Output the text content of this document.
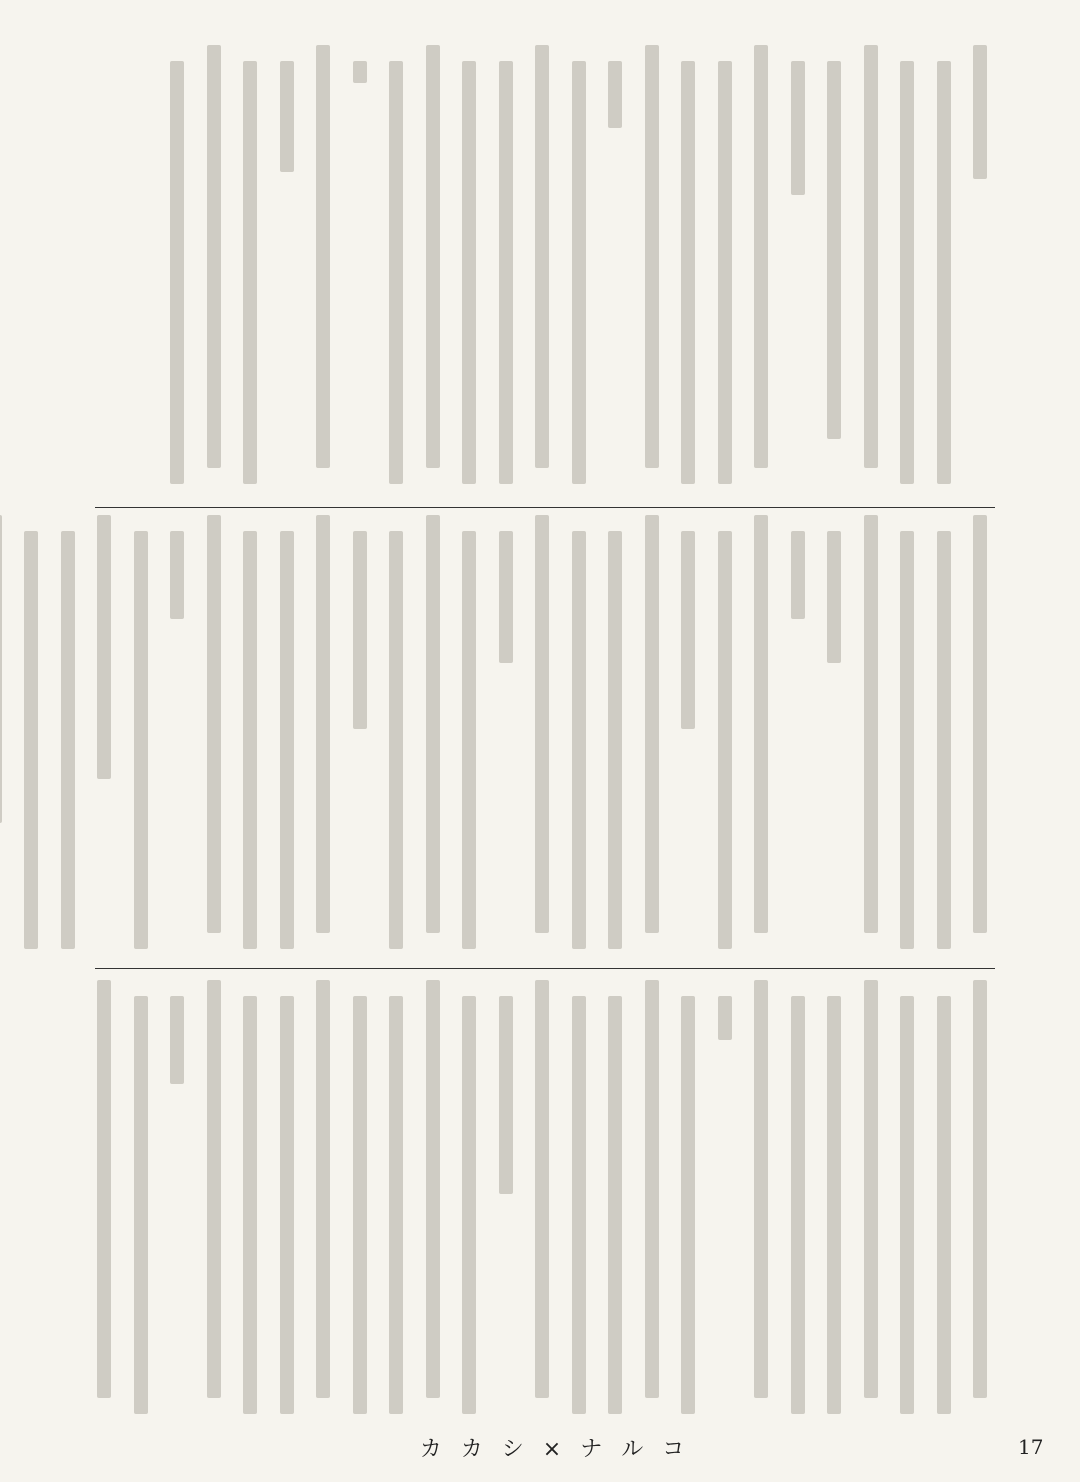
カ カ シ × ナ ル コ	17
